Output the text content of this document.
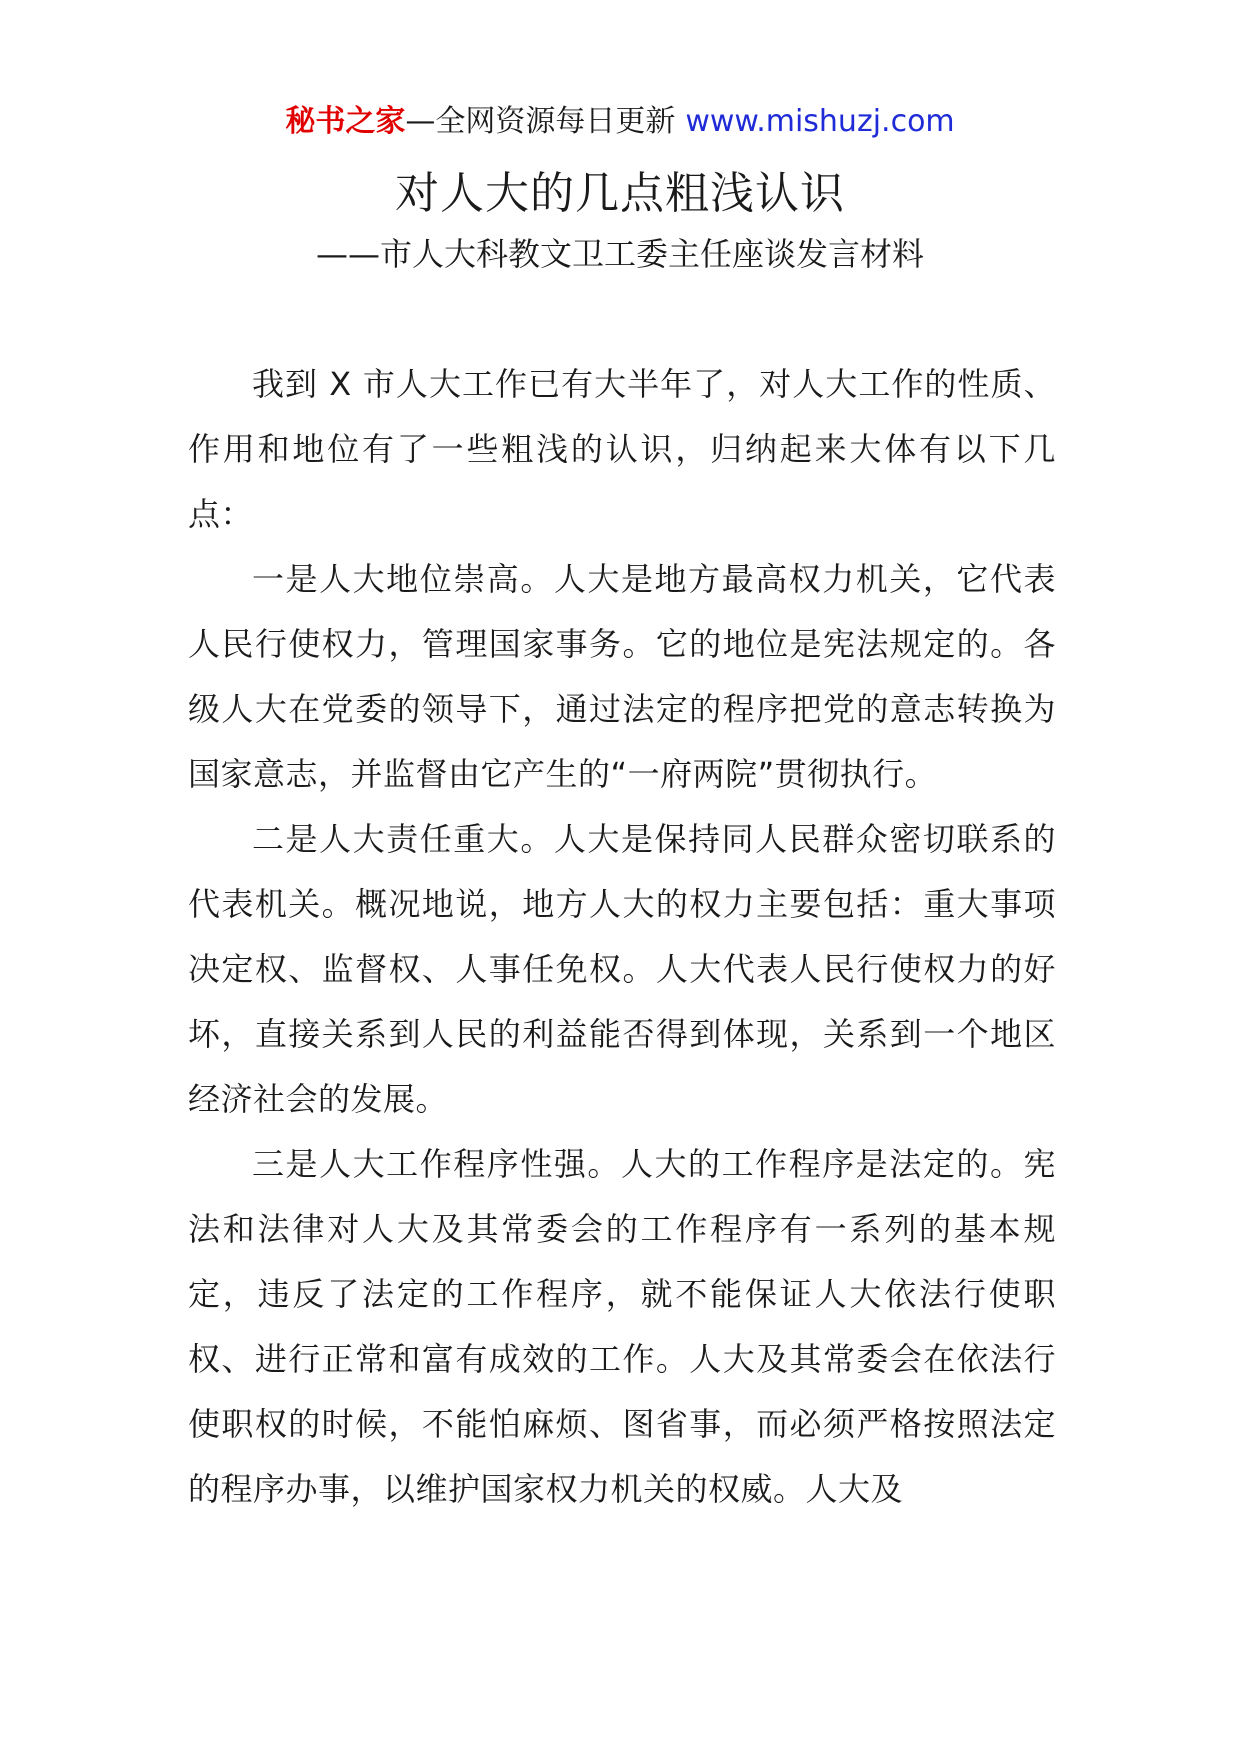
秘书之家—全网资源每日更新 www.mishuzj.com
对人大的几点粗浅认识
——市人大科教文卫工委主任座谈发言材料

我到 X 市人大工作已有大半年了，对人大工作的性质、作用和地位有了一些粗浅的认识，归纳起来大体有以下几点：

一是人大地位崇高。人大是地方最高权力机关，它代表人民行使权力，管理国家事务。它的地位是宪法规定的。各级人大在党委的领导下，通过法定的程序把党的意志转换为国家意志，并监督由它产生的“一府两院”贯彻执行。

二是人大责任重大。人大是保持同人民群众密切联系的代表机关。概况地说，地方人大的权力主要包括：重大事项决定权、监督权、人事任免权。人大代表人民行使权力的好坏，直接关系到人民的利益能否得到体现，关系到一个地区经济社会的发展。

三是人大工作程序性强。人大的工作程序是法定的。宪法和法律对人大及其常委会的工作程序有一系列的基本规定，违反了法定的工作程序，就不能保证人大依法行使职权、进行正常和富有成效的工作。人大及其常委会在依法行使职权的时候，不能怕麻烦、图省事，而必须严格按照法定的程序办事，以维护国家权力机关的权威。人大及
